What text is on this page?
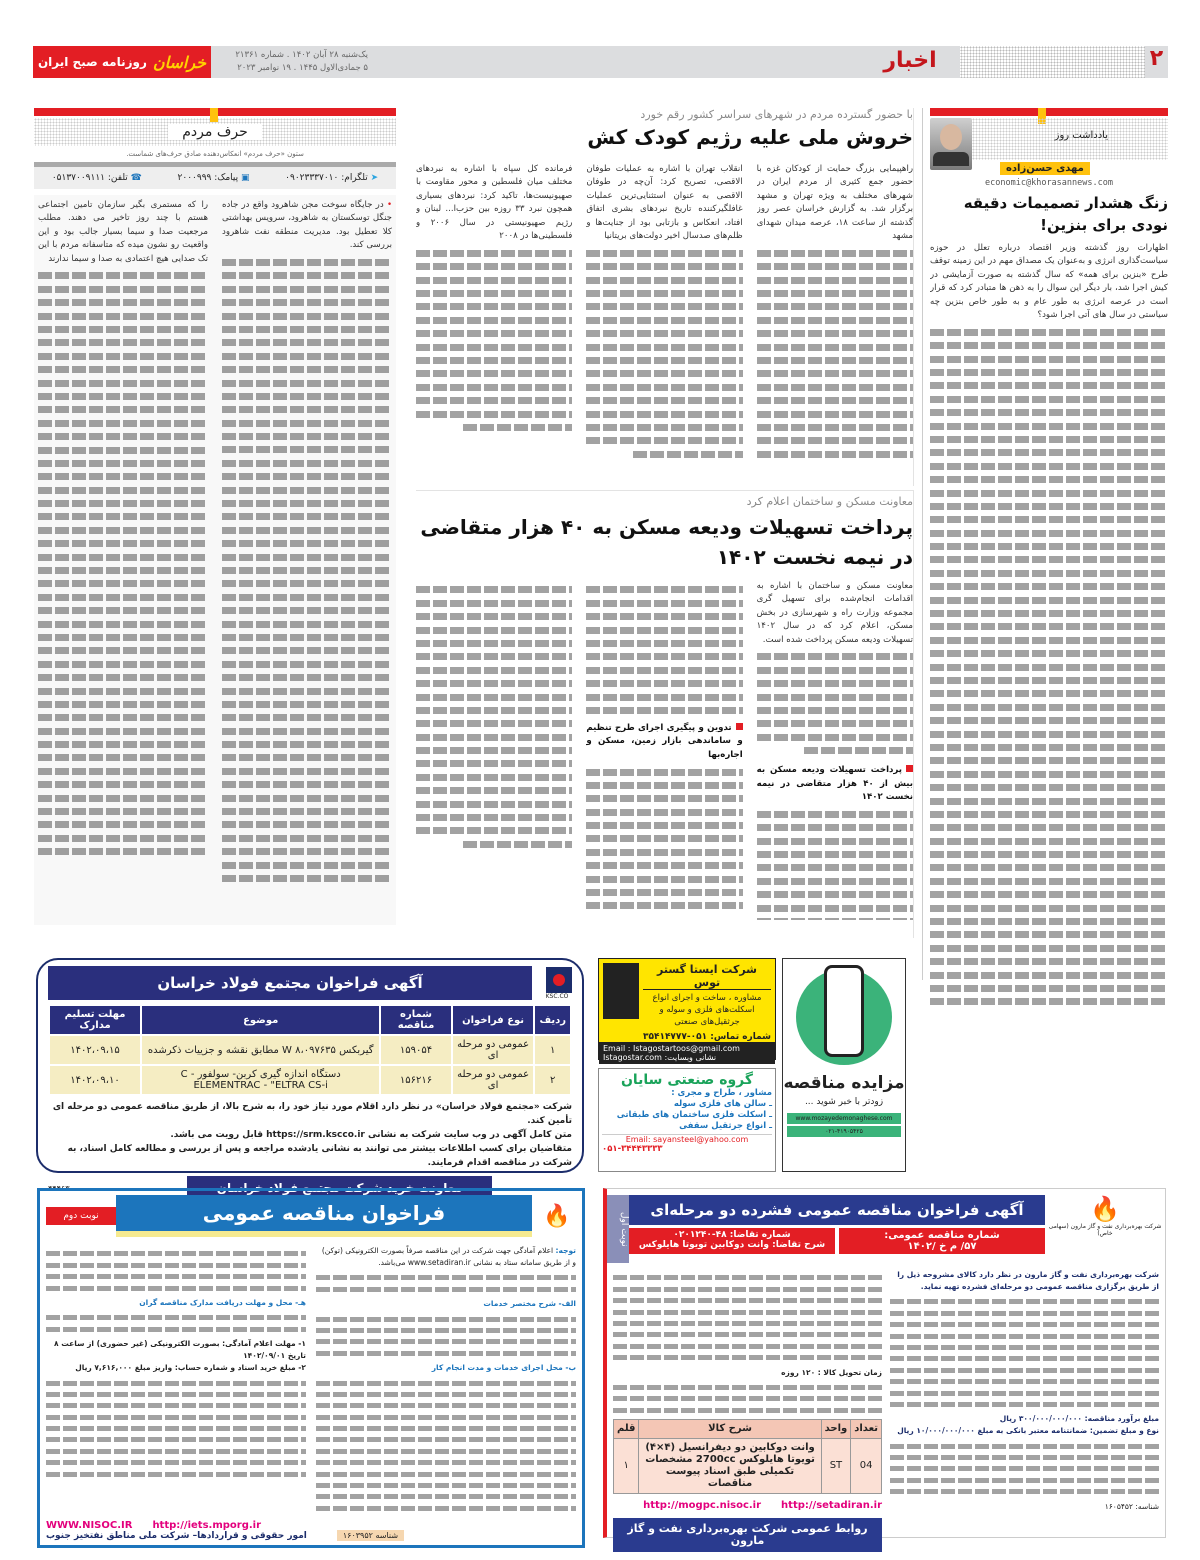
خراسان
روزنامه صبح ایران	یک‌شنبه ۲۸ آبان ۱۴۰۲ . شماره ۲۱۳۶۱
۵ جمادی‌الاول ۱۴۴۵ . ۱۹ نوامبر ۲۰۲۳	اخبار	۲
یادداشت روز
مهدی حسن‌زاده
economic@khorasannews.com
زنگ هشدار تصمیمات دقیقه نودی برای بنزین!
اظهارات روز گذشته وزیر اقتصاد درباره تعلل در حوزه سیاست‌گذاری انرژی و به‌عنوان یک مصداق مهم در این زمینه توقف طرح «بنزین برای همه» که سال گذشته به صورت آزمایشی در کیش اجرا شد، بار دیگر این سوال را به ذهن ها متبادر کرد که قرار است در عرصه انرژی به طور عام و به طور خاص بنزین چه سیاستی در سال های آتی اجرا شود؟
با حضور گسترده مردم در شهرهای سراسر کشور رقم خورد
خروش ملی علیه رژیم کودک کش
راهپیمایی بزرگ حمایت از کودکان غزه با حضور جمع کثیری از مردم ایران در شهرهای مختلف به ویژه تهران و مشهد برگزار شد. به گزارش خراسان عصر روز گذشته از ساعت ۱۸، عرصه میدان شهدای مشهد
انقلاب تهران با اشاره به عملیات طوفان الاقصی، تصریح کرد: آن‌چه در طوفان الاقصی به عنوان استثنایی‌ترین عملیات غافلگیرکننده تاریخ نبردهای بشری اتفاق افتاد، انعکاس و بازتابی بود از جنایت‌ها و ظلم‌های صدسال اخیر دولت‌های بریتانیا
فرمانده کل سپاه با اشاره به نبردهای مختلف میان فلسطین و محور مقاومت با صهیونیست‌ها، تاکید کرد: نبردهای بسیاری همچون نبرد ۳۳ روزه بین حزب‌ا... لبنان و رژیم صهیونیستی در سال ۲۰۰۶ و فلسطینی‌ها در ۲۰۰۸
معاونت مسکن و ساختمان اعلام کرد
پرداخت تسهیلات ودیعه مسکن به ۴۰ هزار متقاضی
در نیمه نخست ۱۴۰۲
معاونت مسکن و ساختمان با اشاره به اقدامات انجام‌شده برای تسهیل گری مجموعه وزارت راه و شهرسازی در بخش مسکن، اعلام کرد که در سال ۱۴۰۲ تسهیلات ودیعه مسکن پرداخت شده است.
پرداخت تسهیلات ودیعه مسکن به بیش از ۴۰ هزار متقاضی در نیمه نخست ۱۴۰۲
تدوین و پیگیری اجرای طرح تنظیم و ساماندهی بازار زمین، مسکن و اجاره‌بها
حرف مردم
ستون «حرف مردم» انعکاس‌دهنده صادق حرف‌های شماست.
☎ تلفن: ۰۵۱۳۷۰۰۹۱۱۱	▣ پیامک: ۲۰۰۰۹۹۹	➤ تلگرام: ۰۹۰۲۳۳۳۷۰۱۰
• در جایگاه سوخت مجن شاهرود واقع در جاده جنگل توسکستان به شاهرود، سرویس بهداشتی کلا تعطیل بود. مدیریت منطقه نفت شاهرود بررسی کند.
را که مستمری بگیر سازمان تامین اجتماعی هستم با چند روز تاخیر می دهند. مطلب مرجعیت صدا و سیما بسیار جالب بود و این واقعیت رو نشون میده که متاسفانه مردم با این تک صدایی هیچ اعتمادی به صدا و سیما ندارند
KSC.CO
آگهی فراخوان مجتمع فولاد خراسان
ردیف	نوع فراخوان	شماره مناقصه	موضوع	مهلت تسلیم مدارک
۱	عمومی دو مرحله ای	۱۵۹۰۵۴	گیربکس W ۸،۰۹۷۶۳۵ مطابق نقشه و جزییات ذکرشده	۱۴۰۲،۰۹،۱۵
۲	عمومی دو مرحله ای	۱۵۶۲۱۶	دستگاه اندازه گیری کربن- سولفور - C ELEMENTRAC - "ELTRA CS-i	۱۴۰۲،۰۹،۱۰
شرکت «مجتمع فولاد خراسان» در نظر دارد اقلام مورد نیاز خود را، به شرح بالا، از طریق مناقصه عمومی دو مرحله ای تأمین کند.
متن کامل آگهی در وب سایت شرکت به نشانی https://srm.kscco.ir قابل رویت می باشد.
متقاضیان برای کسب اطلاعات بیشتر می توانند به نشانی یادشده مراجعه و پس از بررسی و مطالعه کامل اسناد، به شرکت در مناقصه اقدام فرمایند.
معاونت خرید شرکت مجتمع فولاد خراسان
۴۴۴۶۳
شرکت ایستا گستر توس
مشاوره ، ساخت و اجرای انواع اسکلت‌های فلزی و سوله و جرثقیل‌های صنعتی
شماره تماس: ۰۵۱-۳۵۴۱۴۷۷۷
Email : Istagostartoos@gmail.com
نشانی وبسایت: Istagostar.com
گروه صنعتی سایان
مشاور ، طراح و مجری :
ـ سالن های فلزی سوله
ـ اسکلت فلزی ساختمان های طبقاتی
ـ انواع جرثقیل سقفی
Email: sayansteel@yahoo.com
۰۵۱-۳۴۴۴۳۳۳۳
مزایده مناقصه
زودتر با خبر شوید ...
www.mozayedemonaghese.com
۰۲۱-۴۱۹۰۵۴۲۵
🔥
فراخوان مناقصه عمومی
نوبت دوم
توجه: اعلام آمادگی جهت شرکت در این مناقصه صرفاً بصورت الکترونیکی (توکن) و از طریق سامانه ستاد به نشانی www.setadiran.ir می‌باشد.
الف- شرح مختصر خدمات
ب- محل اجرای خدمات و مدت انجام کار
هـ- محل و مهلت دریافت مدارک مناقصه گران
۱- مهلت اعلام آمادگی: بصورت الکترونیکی (غیر حضوری) از ساعت ۸ تاریخ ۱۴۰۲/۰۹/۰۱
۲- مبلغ خرید اسناد و شماره حساب: واریز مبلغ ۷,۶۱۶,۰۰۰ ریال
WWW.NISOC.IR http://iets.mporg.ir
امور حقوقی و قراردادها– شرکت ملی مناطق نفتخیز جنوب	شناسه ۱۶۰۳۹۵۲
🔥
شرکت بهره‌برداری نفت و گاز مارون (سهامی خاص)
آگهی فراخوان مناقصه عمومی فشرده دو مرحله‌ای
شماره مناقصه عمومی:
۵۷/ م خ /۱۴۰۲
شماره تقاضا: ۴۸-۰۲۰۱۲۴۰
شرح تقاضا: وانت دوکابین تویوتا هایلوکس
نوبت اول
شرکت بهره‌برداری نفت و گاز مارون در نظر دارد کالای مشروحه ذیل را از طریق برگزاری مناقصه عمومی دو مرحله‌ای فشرده تهیه نماید.
مبلغ برآورد مناقصه: ۳۰۰/۰۰۰/۰۰۰/۰۰۰ ریال
نوع و مبلغ تضمین: ضمانتنامه معتبر بانکی به مبلغ ۱۰/۰۰۰/۰۰۰/۰۰۰ ریال
شناسه: ۱۶۰۵۴۵۲
زمان تحویل کالا : ۱۲۰ روزه
تعداد	واحد	شرح کالا	قلم
04	ST	وانت دوکابین دو دیفرانسیل (۴×۴) تویوتا هایلوکس 2700cc مشخصات تکمیلی طبق اسناد پیوست مناقصات	۱
http://mogpc.nisoc.ir http://setadiran.ir
روابط عمومی شرکت بهره‌برداری نفت و گاز مارون
